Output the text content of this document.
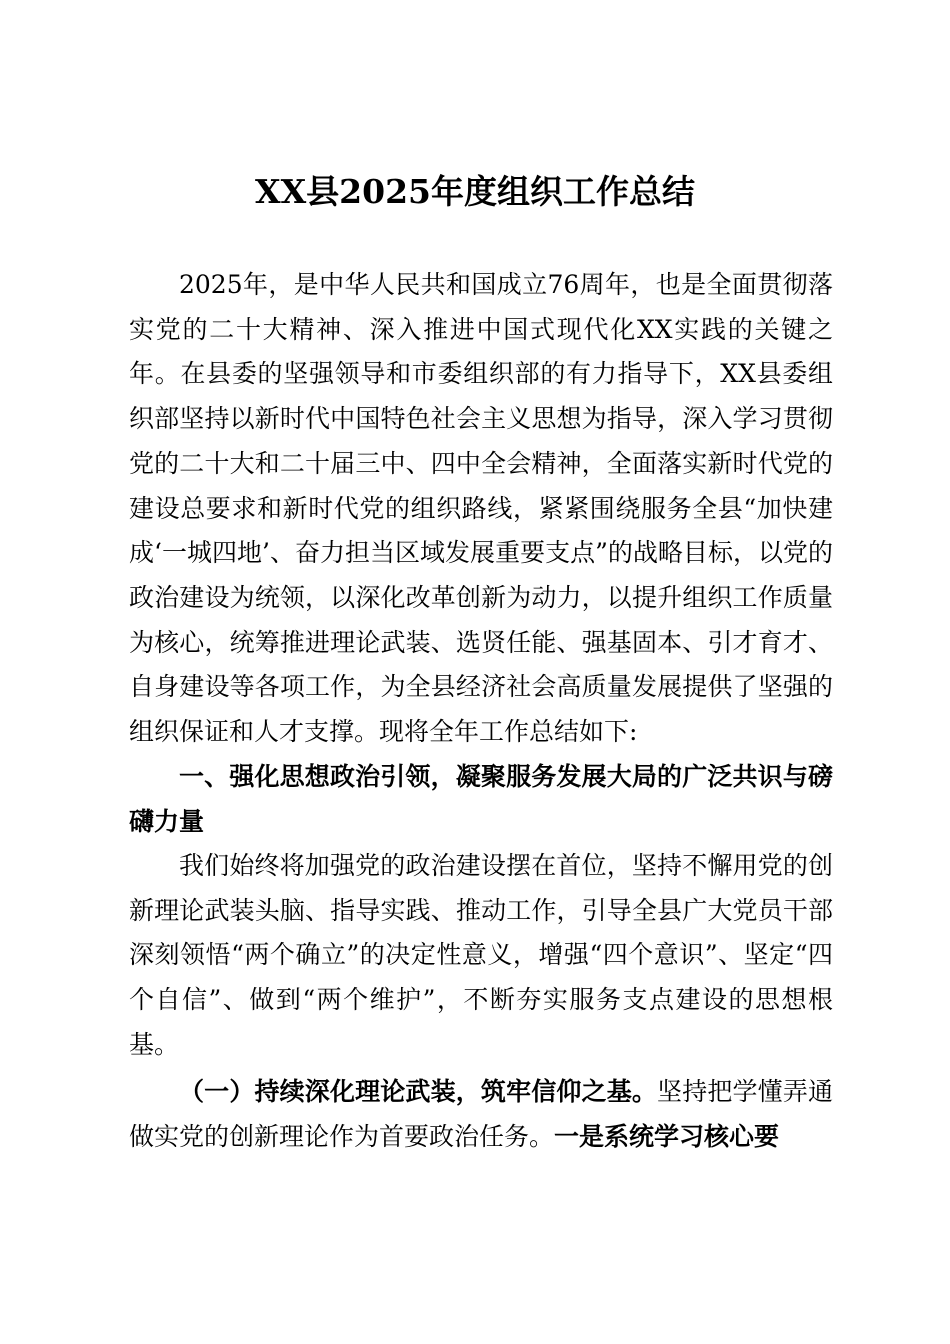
XX县2025年度组织工作总结

2025年，是中华人民共和国成立76周年，也是全面贯彻落实党的二十大精神、深入推进中国式现代化XX实践的关键之年。在县委的坚强领导和市委组织部的有力指导下，XX县委组织部坚持以新时代中国特色社会主义思想为指导，深入学习贯彻党的二十大和二十届三中、四中全会精神，全面落实新时代党的建设总要求和新时代党的组织路线，紧紧围绕服务全县“加快建成‘一城四地’、奋力担当区域发展重要支点”的战略目标，以党的政治建设为统领，以深化改革创新为动力，以提升组织工作质量为核心，统筹推进理论武装、选贤任能、强基固本、引才育才、自身建设等各项工作，为全县经济社会高质量发展提供了坚强的组织保证和人才支撑。现将全年工作总结如下:

一、强化思想政治引领，凝聚服务发展大局的广泛共识与磅礴力量

我们始终将加强党的政治建设摆在首位，坚持不懈用党的创新理论武装头脑、指导实践、推动工作，引导全县广大党员干部深刻领悟“两个确立”的决定性意义，增强“四个意识”、坚定“四个自信”、做到“两个维护”，不断夯实服务支点建设的思想根基。

（一）持续深化理论武装，筑牢信仰之基。坚持把学懂弄通做实党的创新理论作为首要政治任务。一是系统学习核心要
